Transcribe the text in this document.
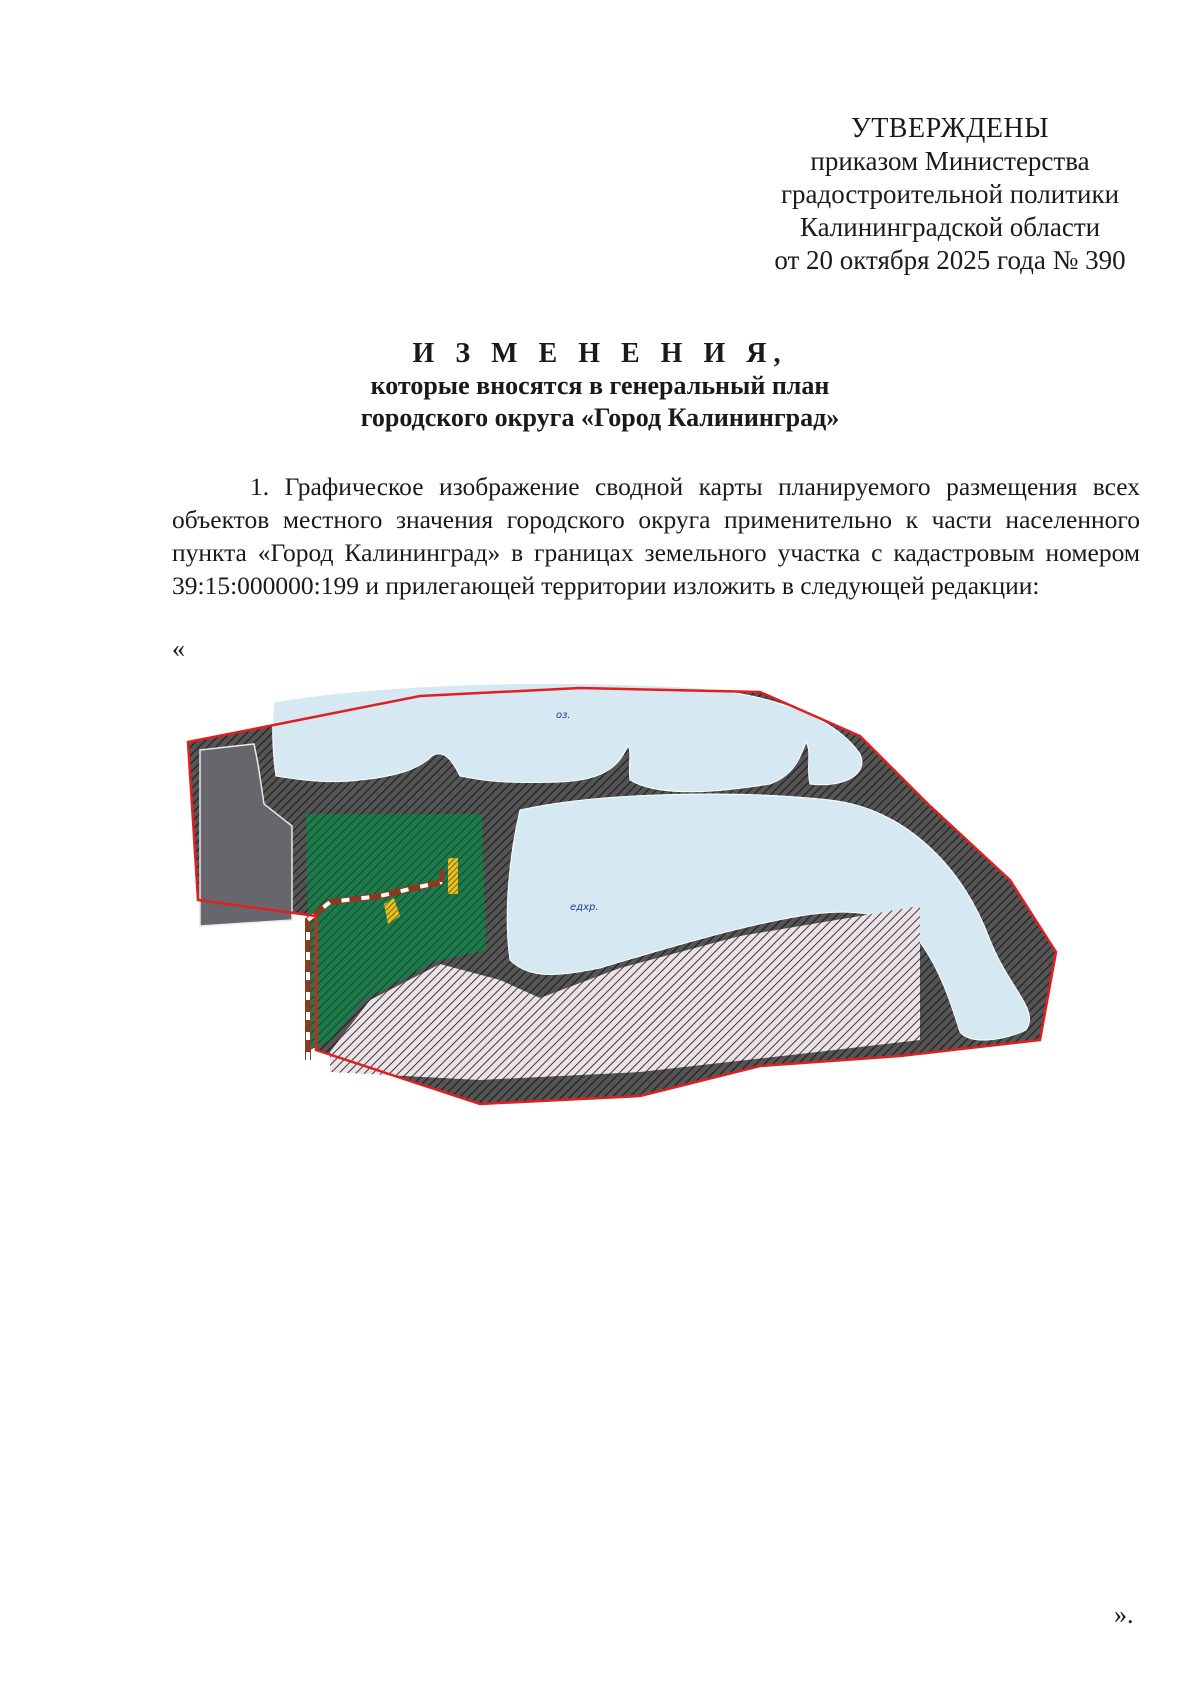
УТВЕРЖДЕНЫ
приказом Министерства
градостроительной политики
Калининградской области
от 20 октября 2025 года № 390
И З М Е Н Е Н И Я,
которые вносятся в генеральный план
городского округа «Город Калининград»
1. Графическое изображение сводной карты планируемого размещения всех объектов местного значения городского округа применительно к части населенного пункта «Город Калининград» в границах земельного участка с кадастровым номером 39:15:000000:199 и прилегающей территории изложить в следующей редакции:
«
оз.
едхр.
».
